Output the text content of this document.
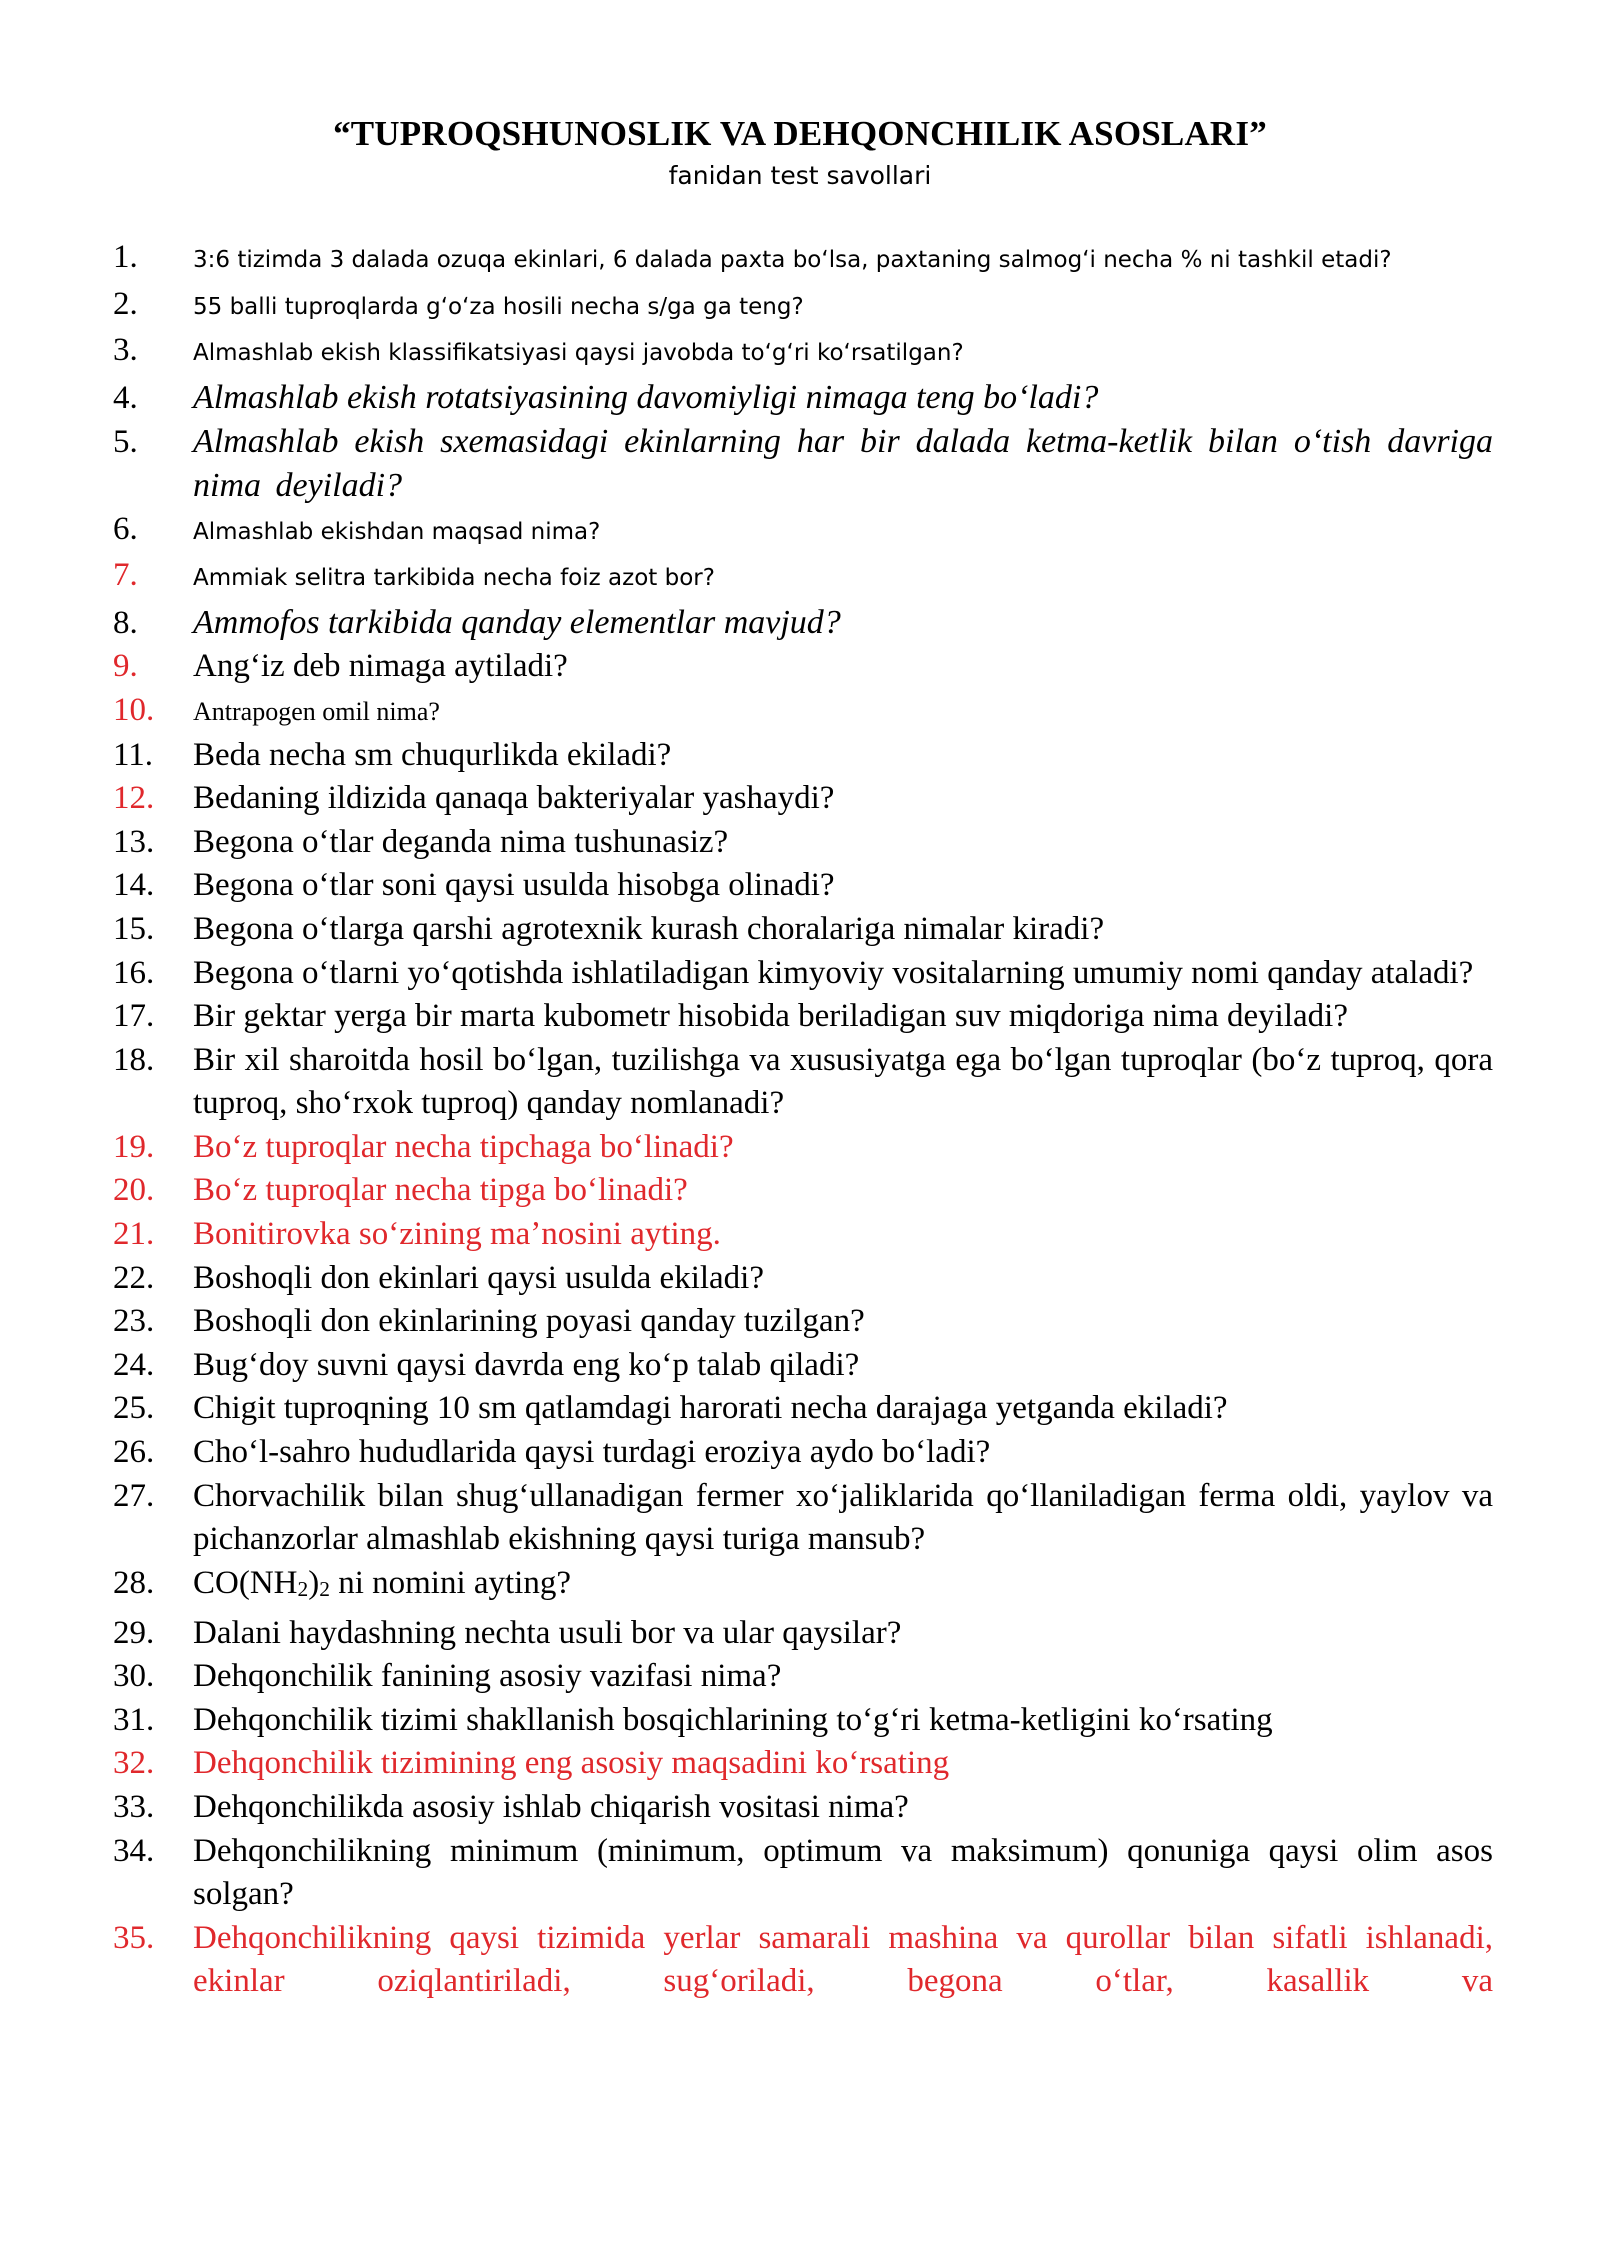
“TUPROQSHUNOSLIK VA DEHQONCHILIK ASOSLARI”
fanidan test savollari
1.	3:6 tizimda 3 dalada ozuqa ekinlari, 6 dalada paxta boʻlsa, paxtaning salmogʻi necha % ni tashkil etadi?
2.	55 balli tuproqlarda gʻoʻza hosili necha s/ga ga teng?
3.	Almashlab ekish klassifikatsiyasi qaysi javobda toʻgʻri koʻrsatilgan?
4.	Almashlab ekish rotatsiyasining davomiyligi nimaga teng boʻladi?
5.	Almashlab ekish sxemasidagi ekinlarning har bir dalada ketma-ketlik bilan oʻtish davriga nima deyiladi?
6.	Almashlab ekishdan maqsad nima?
7.	Ammiak selitra tarkibida necha foiz azot bor?
8.	Ammofos tarkibida qanday elementlar mavjud?
9.	Angʻiz deb nimaga aytiladi?
10.	Antrapogen omil nima?
11.	Beda necha sm chuqurlikda ekiladi?
12.	Bedaning ildizida qanaqa bakteriyalar yashaydi?
13.	Begona oʻtlar deganda nima tushunasiz?
14.	Begona oʻtlar soni qaysi usulda hisobga olinadi?
15.	Begona oʻtlarga qarshi agrotexnik kurash choralariga nimalar kiradi?
16.	Begona oʻtlarni yoʻqotishda ishlatiladigan kimyoviy vositalarning umumiy nomi qanday ataladi?
17.	Bir gektar yerga bir marta kubometr hisobida beriladigan suv miqdoriga nima deyiladi?
18.	Bir xil sharoitda hosil boʻlgan, tuzilishga va xususiyatga ega boʻlgan tuproqlar (boʻz tuproq, qora tuproq, shoʻrxok tuproq) qanday nomlanadi?
19.	Boʻz tuproqlar necha tipchaga boʻlinadi?
20.	Boʻz tuproqlar necha tipga boʻlinadi?
21.	Bonitirovka soʻzining maʼnosini ayting.
22.	Boshoqli don ekinlari qaysi usulda ekiladi?
23.	Boshoqli don ekinlarining poyasi qanday tuzilgan?
24.	Bugʻdoy suvni qaysi davrda eng koʻp talab qiladi?
25.	Chigit tuproqning 10 sm qatlamdagi harorati necha darajaga yetganda ekiladi?
26.	Choʻl-sahro hududlarida qaysi turdagi eroziya aydo boʻladi?
27.	Chorvachilik bilan shugʻullanadigan fermer xoʻjaliklarida qoʻllaniladigan ferma oldi, yaylov va pichanzorlar almashlab ekishning qaysi turiga mansub?
28.	$CO(NH_2)_2$ ni nomini ayting?
29.	Dalani haydashning nechta usuli bor va ular qaysilar?
30.	Dehqonchilik fanining asosiy vazifasi nima?
31.	Dehqonchilik tizimi shakllanish bosqichlarining toʻgʻri ketma-ketligini koʻrsating
32.	Dehqonchilik tizimining eng asosiy maqsadini koʻrsating
33.	Dehqonchilikda asosiy ishlab chiqarish vositasi nima?
34.	Dehqonchilikning minimum (minimum, optimum va maksimum) qonuniga qaysi olim asos solgan?
35.	Dehqonchilikning qaysi tizimida yerlar samarali mashina va qurollar bilan sifatli ishlanadi, ekinlar oziqlantiriladi, sugʻoriladi, begona oʻtlar, kasallik va
